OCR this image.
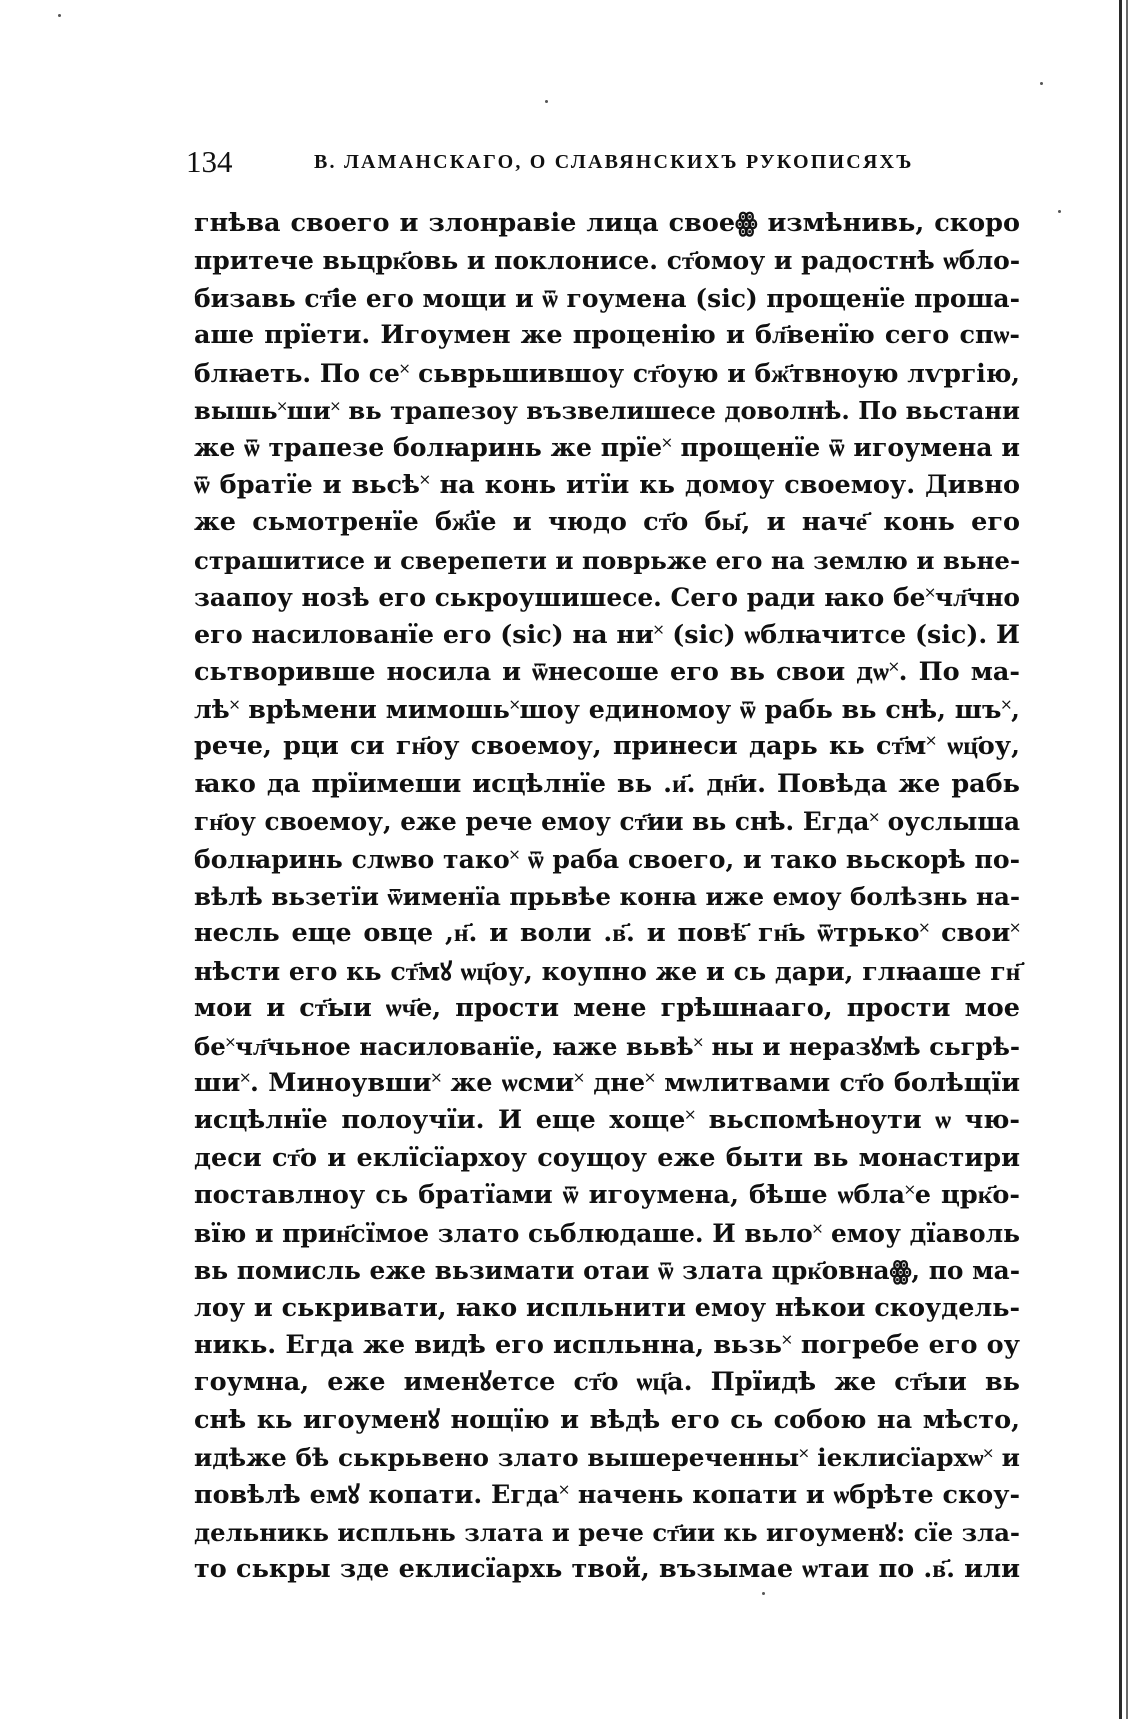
134	В. ЛАМАНСКАГО, О СЛАВЯНСКИХЪ РУКОПИСЯХЪ
гнѣва своего и злонравіе лица своеꙮ измѣнивь, скоро
притече вьцрк҃овь и поклонисе. ст҃омоу и радостнѣ ѡбло-
бизавь ст҃іе его мощи и ѿ гоумена (sic) прощенїе проша-
аше прїети. Игоумен же проценію и бл҃венїю сего спѡ-
блꙗеть. По се˟ сьврьшившоу ст҃оую и бж҃твноую лѵргію,
вышь˟ши˟ вь трапезоу възвелишесе доволнѣ. По вьстани
же ѿ трапезе болꙗринь же прїе˟ прощенїе ѿ игоумена и
ѿ братїе и вьсѣ˟ на конь итїи кь домоу своемоу. Дивно
же сьмотренїе бж҃їе и чюдо ст҃о бы҃, и наче҃ конь его
страшитисе и сверепети и поврьже его на землю и вьне-
заапоу нозѣ его ськроушишесе. Сего ради ꙗко бе˟чл҃чно
его насилованїе его (sic) на ни˟ (sic) ѡблꙗчитсе (sic). И
сьтворивше носила и ѿнесоше его вь свои дѡ˟. По ма-
лѣ˟ врѣмени мимошь˟шоу единомоу ѿ рабь вь снѣ, шъ˟,
рече, рци си гн҃оу своемоу, принеси дарь кь ст҃м˟ ѡц҃оу,
ꙗко да прїимеши исцѣлнїе вь .и҃. дн҃и. Повѣда же рабь
гн҃оу своемоу, еже рече емоу ст҃ии вь снѣ. Егда˟ оуслыша
болꙗринь слѡво тако˟ ѿ раба своего, и тако вьскорѣ по-
вѣлѣ вьзетїи ѿименїа прьвѣе конꙗ иже емоу болѣзнь на-
несль еще овце ,н҃. и воли .в҃. и повѣ҃ гн҃ь ѿтрько˟ свои˟
нѣсти его кь ст҃мꙋ ѡц҃оу, коупно же и сь дари, глꙗаше гн҃
мои и ст҃ыи ѡч҃е, прости мене грѣшнааго, прости мое
бе˟чл҃чьное насилованїе, ꙗже вьвѣ˟ ны и неразꙋмѣ сьгрѣ-
ши˟. Миноувши˟ же ѡсми˟ дне˟ мѡлитвами ст҃о болѣщїи
исцѣлнїе полоучїи. И еще хоще˟ вьспомѣноути ѡ чю-
деси ст҃о и еклїсїархоу соущоу еже быти вь монастири
поставлноу сь братїами ѿ игоумена, бѣше ѡбла˟е црк҃о-
вїю и прин҃сїмое злато сьблюдаше. И вьло˟ емоу дїаволь
вь помисль еже вьзимати отаи ѿ злата црк҃овнаꙮ, по ма-
лоу и ськривати, ꙗко испльнити емоу нѣкои скоудель-
никь. Егда же видѣ его испльнна, вьзь˟ погребе его оу
гоумна, еже именꙋетсе ст҃о ѡц҃а. Прїидѣ же ст҃ыи вь
снѣ кь игоуменꙋ нощїю и вѣдѣ его сь собою на мѣсто,
идѣже бѣ ськрьвено злато вышереченны˟ іеклисїархѡ˟ и
повѣлѣ емꙋ копати. Егда˟ начень копати и ѡбрѣте скоу-
дельникь испльнь злата и рече ст҃ии кь игоуменꙋ: сїе зла-
то ськры зде еклисїархь твой, възымае ѡтаи по .в҃. или
